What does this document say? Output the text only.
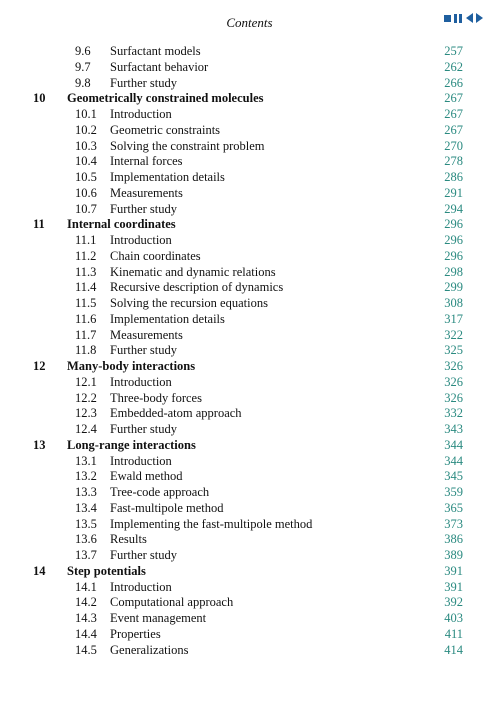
Contents
9.6 Surfactant models	257
9.7 Surfactant behavior	262
9.8 Further study	266
10 Geometrically constrained molecules	267
10.1 Introduction	267
10.2 Geometric constraints	267
10.3 Solving the constraint problem	270
10.4 Internal forces	278
10.5 Implementation details	286
10.6 Measurements	291
10.7 Further study	294
11 Internal coordinates	296
11.1 Introduction	296
11.2 Chain coordinates	296
11.3 Kinematic and dynamic relations	298
11.4 Recursive description of dynamics	299
11.5 Solving the recursion equations	308
11.6 Implementation details	317
11.7 Measurements	322
11.8 Further study	325
12 Many-body interactions	326
12.1 Introduction	326
12.2 Three-body forces	326
12.3 Embedded-atom approach	332
12.4 Further study	343
13 Long-range interactions	344
13.1 Introduction	344
13.2 Ewald method	345
13.3 Tree-code approach	359
13.4 Fast-multipole method	365
13.5 Implementing the fast-multipole method	373
13.6 Results	386
13.7 Further study	389
14 Step potentials	391
14.1 Introduction	391
14.2 Computational approach	392
14.3 Event management	403
14.4 Properties	411
14.5 Generalizations	414
